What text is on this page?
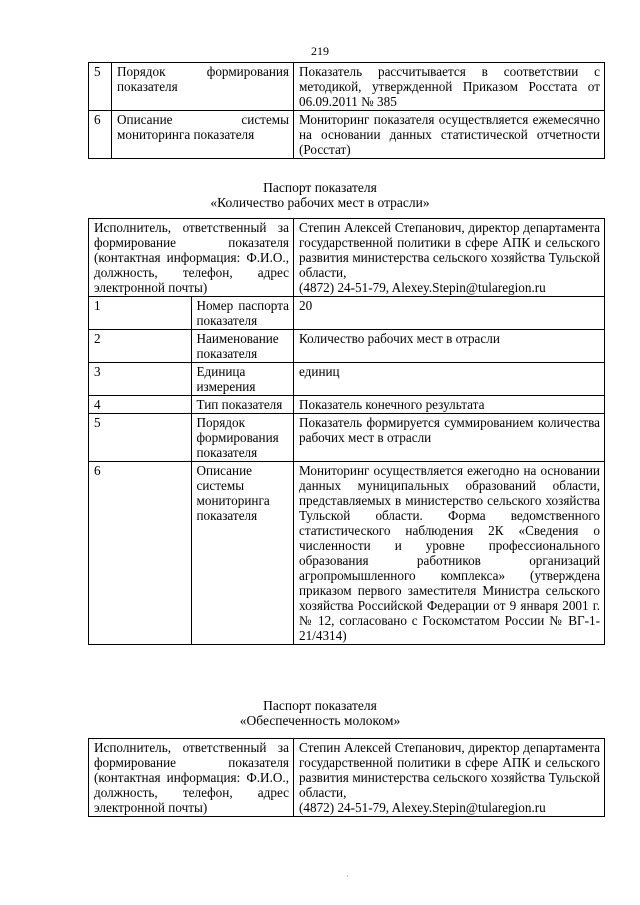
219
5	Порядок формирования показателя	Показатель рассчитывается в соответствии с методикой, утвержденной Приказом Росстата от 06.09.2011 № 385
6	Описание системы мониторинга показателя	Мониторинг показателя осуществляется ежемесячно на основании данных статистической отчетности (Росстат)
Паспорт показателя
«Количество рабочих мест в отрасли»
Исполнитель, ответственный за формирование показателя (контактная информация: Ф.И.О., должность, телефон, адрес электронной почты)		Степин Алексей Степанович, директор департамента государственной политики в сфере АПК и сельского развития министерства сельского хозяйства Тульской области,
(4872) 24-51-79, Alexey.Stepin@tularegion.ru

1	Номер паспорта показателя	20
2	Наименование показателя	Количество рабочих мест в отрасли
3	Единица измерения	единиц
4	Тип показателя	Показатель конечного результата
5	Порядок формирования показателя	Показатель формируется суммированием количества рабочих мест в отрасли
6	Описание системы мониторинга показателя	Мониторинг осуществляется ежегодно на основании данных муниципальных образований области, представляемых в министерство сельского хозяйства Тульской области. Форма ведомственного статистического наблюдения 2К «Сведения о численности и уровне профессионального образования работников организаций агропромышленного комплекса» (утверждена приказом первого заместителя Министра сельского хозяйства Российской Федерации от 9 января 2001 г. № 12, согласовано с Госкомстатом России № ВГ-1-21/4314)
Паспорт показателя
«Обеспеченность молоком»
Исполнитель, ответственный за формирование показателя (контактная информация: Ф.И.О., должность, телефон, адрес электронной почты)	
Степин Алексей Степанович, директор департамента государственной политики в сфере АПК и сельского развития министерства сельского хозяйства Тульской области,
(4872) 24-51-79, Alexey.Stepin@tularegion.ru
·
